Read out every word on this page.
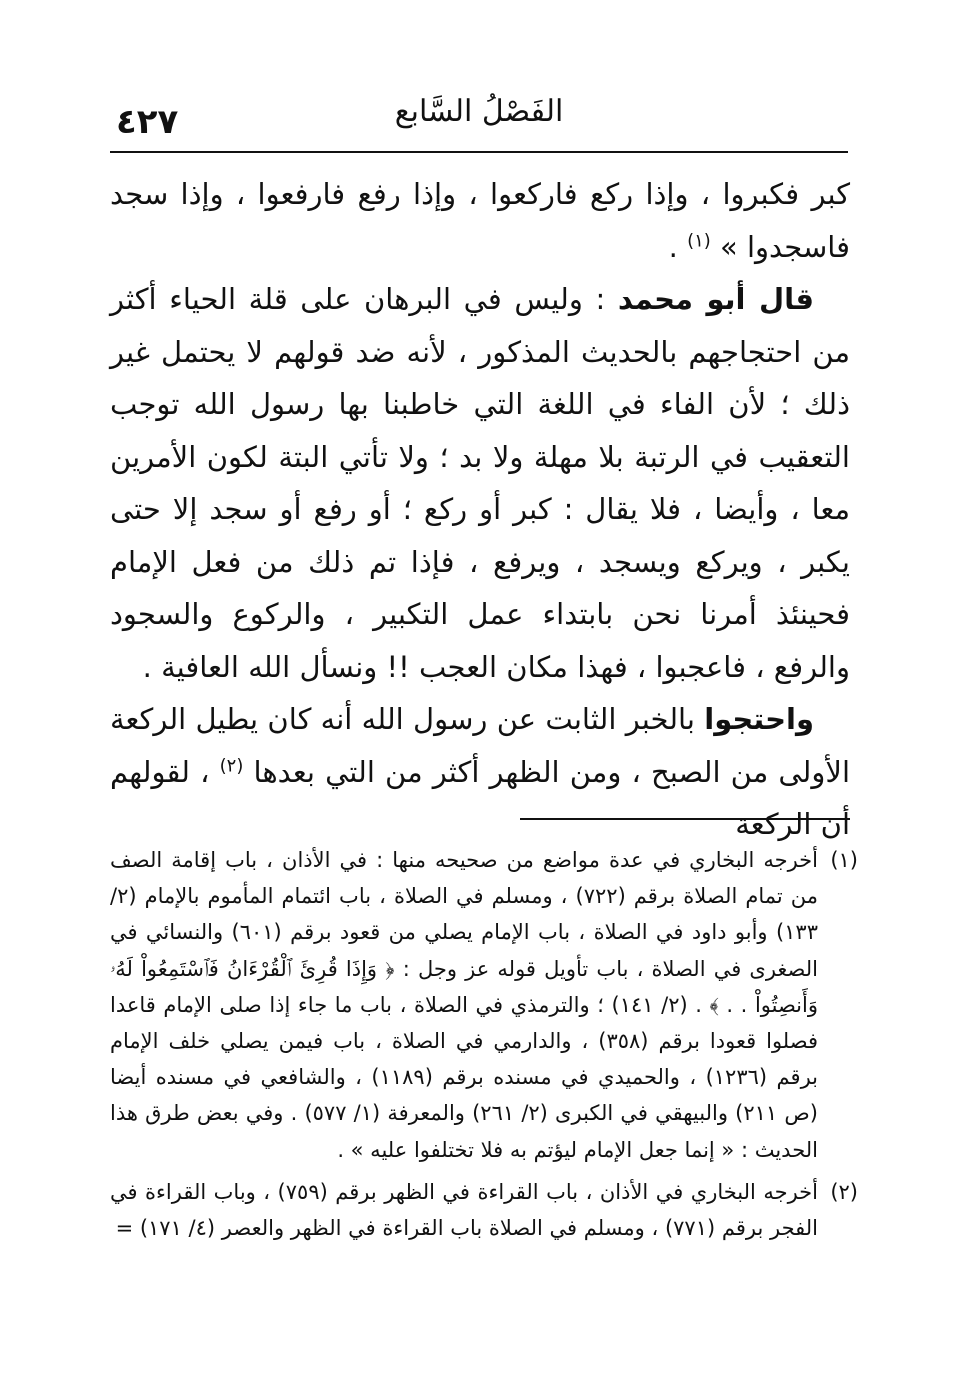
٤٢٧	الفَصْلُ السَّابع

كبر فكبروا ، وإذا ركع فاركعوا ، وإذا رفع فارفعوا ، وإذا سجد فاسجدوا » $^{(١)}$ .

قال أبو محمد : وليس في البرهان على قلة الحياء أكثر من احتجاجهم بالحديث المذكور ، لأنه ضد قولهم لا يحتمل غير ذلك ؛ لأن الفاء في اللغة التي خاطبنا بها رسول الله توجب التعقيب في الرتبة بلا مهلة ولا بد ؛ ولا تأتي البتة لكون الأمرين معا ، وأيضا ، فلا يقال : كبر أو ركع ؛ أو رفع أو سجد إلا حتى يكبر ، ويركع ويسجد ، ويرفع ، فإذا تم ذلك من فعل الإمام فحينئذ أمرنا نحن بابتداء عمل التكبير ، والركوع والسجود والرفع ، فاعجبوا ، فهذا مكان العجب !! ونسأل الله العافية .

واحتجوا بالخبر الثابت عن رسول الله أنه كان يطيل الركعة الأولى من الصبح ، ومن الظهر أكثر من التي بعدها $^{(٢)}$ ، لقولهم أن الركعة

(١)
أخرجه البخاري في عدة مواضع من صحيحه منها : في الأذان ، باب إقامة الصف من تمام الصلاة برقم (٧٢٢) ، ومسلم في الصلاة ، باب ائتمام المأموم بالإمام (٢/ ١٣٣) وأبو داود في الصلاة ، باب الإمام يصلي من قعود برقم (٦٠١) والنسائي في الصغرى في الصلاة ، باب تأويل قوله عز وجل : ﴿ وَإِذَا قُرِئَ ٱلْقُرْءَانُ فَٱسْتَمِعُواْ لَهُۥ وَأَنصِتُواْ . . ﴾ . (٢/ ١٤١) ؛ والترمذي في الصلاة ، باب ما جاء إذا صلى الإمام قاعدا فصلوا قعودا برقم (٣٥٨) ، والدارمي في الصلاة ، باب فيمن يصلي خلف الإمام برقم (١٢٣٦) ، والحميدي في مسنده برقم (١١٨٩) ، والشافعي في مسنده أيضا (ص ٢١١) والبيهقي في الكبرى (٢/ ٢٦١) والمعرفة (١/ ٥٧٧) . وفي بعض طرق هذا الحديث : « إنما جعل الإمام ليؤتم به فلا تختلفوا عليه » .
(٢)
أخرجه البخاري في الأذان ، باب القراءة في الظهر برقم (٧٥٩) ، وباب القراءة في الفجر برقم (٧٧١) ، ومسلم في الصلاة باب القراءة في الظهر والعصر (٤/ ١٧١) =
